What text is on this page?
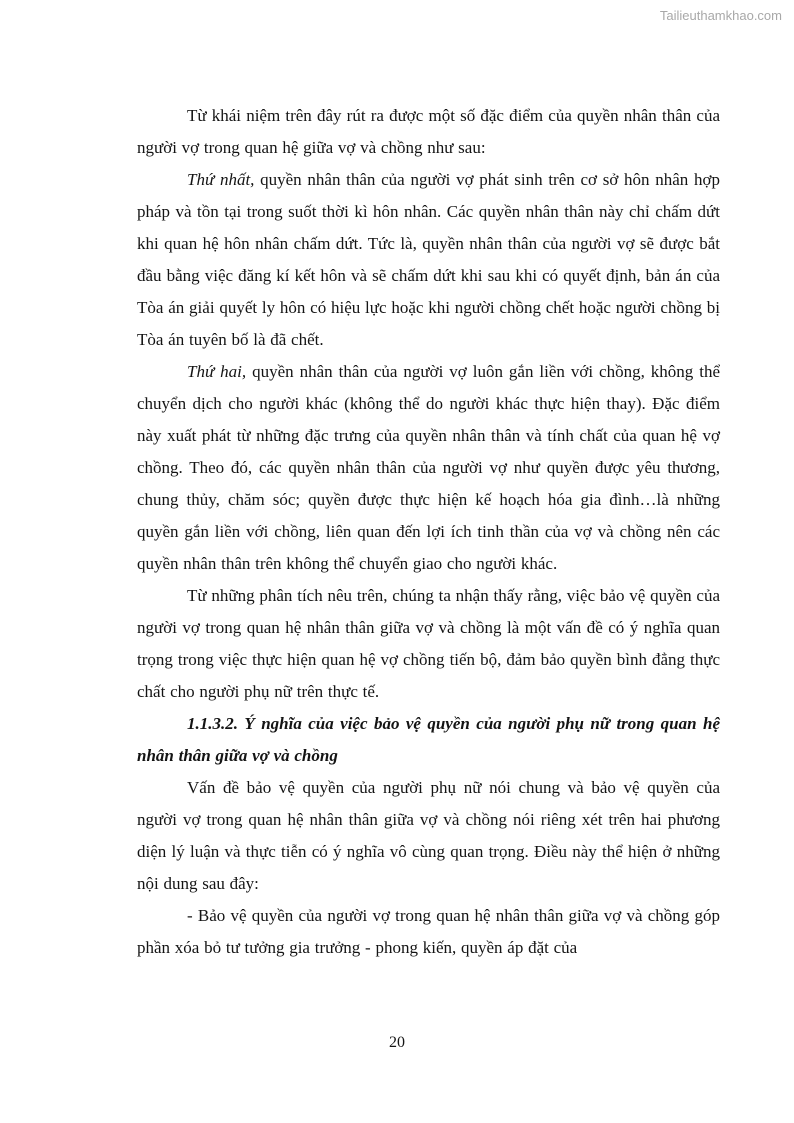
Tailieuthamkhao.com

Từ khái niệm trên đây rút ra được một số đặc điểm của quyền nhân thân của người vợ trong quan hệ giữa vợ và chồng như sau:

Thứ nhất, quyền nhân thân của người vợ phát sinh trên cơ sở hôn nhân hợp pháp và tồn tại trong suốt thời kì hôn nhân. Các quyền nhân thân này chỉ chấm dứt khi quan hệ hôn nhân chấm dứt. Tức là, quyền nhân thân của người vợ sẽ được bắt đầu bằng việc đăng kí kết hôn và sẽ chấm dứt khi sau khi có quyết định, bản án của Tòa án giải quyết ly hôn có hiệu lực hoặc khi người chồng chết hoặc người chồng bị Tòa án tuyên bố là đã chết.

Thứ hai, quyền nhân thân của người vợ luôn gắn liền với chồng, không thể chuyển dịch cho người khác (không thể do người khác thực hiện thay). Đặc điểm này xuất phát từ những đặc trưng của quyền nhân thân và tính chất của quan hệ vợ chồng. Theo đó, các quyền nhân thân của người vợ như quyền được yêu thương, chung thủy, chăm sóc; quyền được thực hiện kế hoạch hóa gia đình…là những quyền gắn liền với chồng, liên quan đến lợi ích tinh thần của vợ và chồng nên các quyền nhân thân trên không thể chuyển giao cho người khác.

Từ những phân tích nêu trên, chúng ta nhận thấy rằng, việc bảo vệ quyền của người vợ trong quan hệ nhân thân giữa vợ và chồng là một vấn đề có ý nghĩa quan trọng trong việc thực hiện quan hệ vợ chồng tiến bộ, đảm bảo quyền bình đẳng thực chất cho người phụ nữ trên thực tế.

1.1.3.2. Ý nghĩa của việc bảo vệ quyền của người phụ nữ trong quan hệ nhân thân giữa vợ và chồng

Vấn đề bảo vệ quyền của người phụ nữ nói chung và bảo vệ quyền của người vợ trong quan hệ nhân thân giữa vợ và chồng nói riêng xét trên hai phương diện lý luận và thực tiễn có ý nghĩa vô cùng quan trọng. Điều này thể hiện ở những nội dung sau đây:

- Bảo vệ quyền của người vợ trong quan hệ nhân thân giữa vợ và chồng góp phần xóa bỏ tư tưởng gia trưởng - phong kiến, quyền áp đặt của

20
